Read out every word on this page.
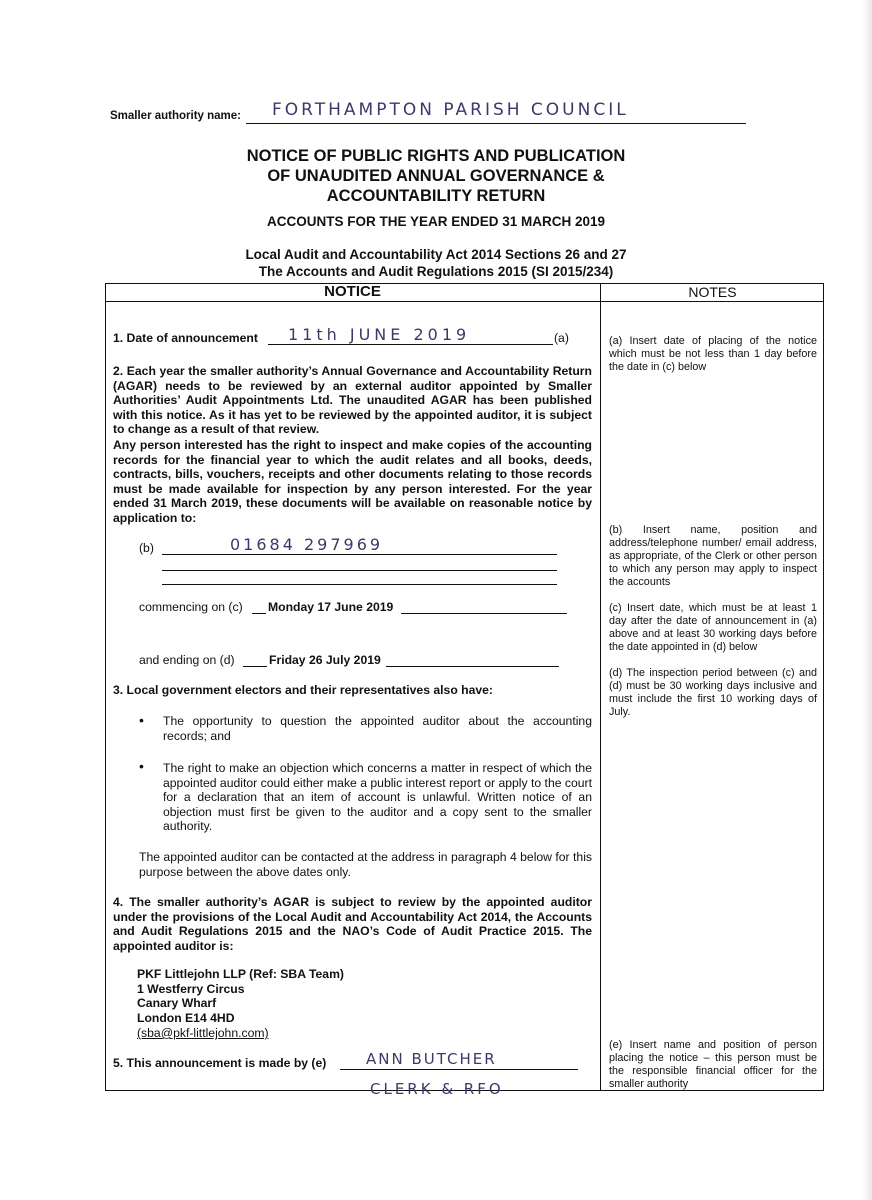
Smaller authority name: FORTHAMPTON PARISH COUNCIL
NOTICE OF PUBLIC RIGHTS AND PUBLICATION
OF UNAUDITED ANNUAL GOVERNANCE &
ACCOUNTABILITY RETURN
ACCOUNTS FOR THE YEAR ENDED 31 MARCH 2019
Local Audit and Accountability Act 2014 Sections 26 and 27
The Accounts and Audit Regulations 2015 (SI 2015/234)
NOTICE	NOTES
1. Date of announcement 11th JUNE 2019	(a)
2. Each year the smaller authority’s Annual Governance and Accountability Return (AGAR) needs to be reviewed by an external auditor appointed by Smaller Authorities’ Audit Appointments Ltd. The unaudited AGAR has been published with this notice. As it has yet to be reviewed by the appointed auditor, it is subject to change as a result of that review.
Any person interested has the right to inspect and make copies of the accounting records for the financial year to which the audit relates and all books, deeds, contracts, bills, vouchers, receipts and other documents relating to those records must be made available for inspection by any person interested. For the year ended 31 March 2019, these documents will be available on reasonable notice by application to:
(b)	01684 297969
commencing on (c) Monday 17 June 2019
and ending on (d)	Friday 26 July 2019
3. Local government electors and their representatives also have:
• The opportunity to question the appointed auditor about the accounting records; and
• The right to make an objection which concerns a matter in respect of which the appointed auditor could either make a public interest report or apply to the court for a declaration that an item of account is unlawful. Written notice of an objection must first be given to the auditor and a copy sent to the smaller authority.
The appointed auditor can be contacted at the address in paragraph 4 below for this purpose between the above dates only.
4. The smaller authority’s AGAR is subject to review by the appointed auditor under the provisions of the Local Audit and Accountability Act 2014, the Accounts and Audit Regulations 2015 and the NAO’s Code of Audit Practice 2015. The appointed auditor is:
PKF Littlejohn LLP (Ref: SBA Team)
1 Westferry Circus
Canary Wharf
London E14 4HD
(sba@pkf-littlejohn.com)
5. This announcement is made by (e)	ANN BUTCHER
CLERK & RFO
(a) Insert date of placing of the notice which must be not less than 1 day before the date in (c) below
(b) Insert name, position and address/telephone number/ email address, as appropriate, of the Clerk or other person to which any person may apply to inspect the accounts
(c) Insert date, which must be at least 1 day after the date of announcement in (a) above and at least 30 working days before the date appointed in (d) below
(d) The inspection period between (c) and (d) must be 30 working days inclusive and must include the first 10 working days of July.
(e) Insert name and position of person placing the notice – this person must be the responsible financial officer for the smaller authority
